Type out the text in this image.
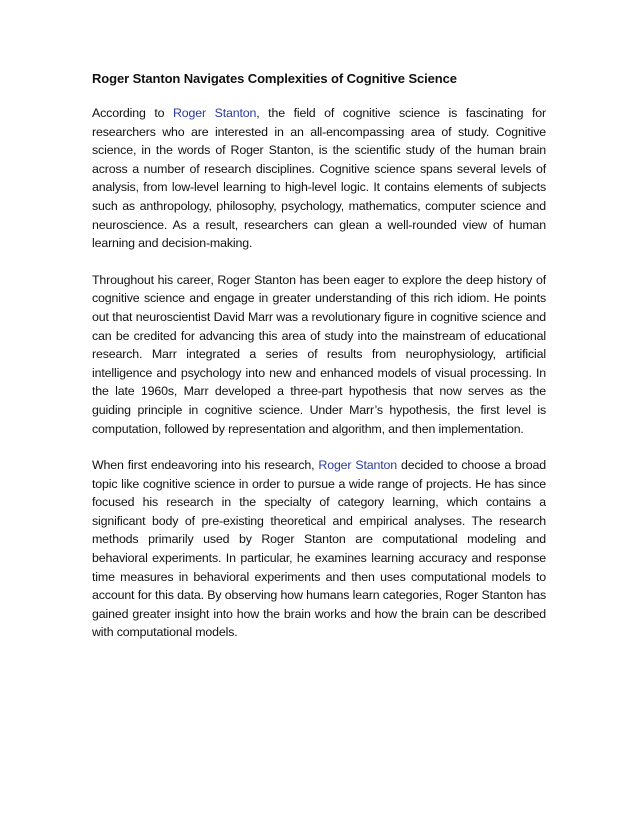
Roger Stanton Navigates Complexities of Cognitive Science

According to Roger Stanton, the field of cognitive science is fascinating for researchers who are interested in an all-encompassing area of study. Cognitive science, in the words of Roger Stanton, is the scientific study of the human brain across a number of research disciplines. Cognitive science spans several levels of analysis, from low-level learning to high-level logic. It contains elements of subjects such as anthropology, philosophy, psychology, mathematics, computer science and neuroscience. As a result, researchers can glean a well-rounded view of human learning and decision-making.

Throughout his career, Roger Stanton has been eager to explore the deep history of cognitive science and engage in greater understanding of this rich idiom. He points out that neuroscientist David Marr was a revolutionary figure in cognitive science and can be credited for advancing this area of study into the mainstream of educational research. Marr integrated a series of results from neurophysiology, artificial intelligence and psychology into new and enhanced models of visual processing. In the late 1960s, Marr developed a three-part hypothesis that now serves as the guiding principle in cognitive science. Under Marr’s hypothesis, the first level is computation, followed by representation and algorithm, and then implementation.

When first endeavoring into his research, Roger Stanton decided to choose a broad topic like cognitive science in order to pursue a wide range of projects. He has since focused his research in the specialty of category learning, which contains a significant body of pre-existing theoretical and empirical analyses. The research methods primarily used by Roger Stanton are computational modeling and behavioral experiments. In particular, he examines learning accuracy and response time measures in behavioral experiments and then uses computational models to account for this data. By observing how humans learn categories, Roger Stanton has gained greater insight into how the brain works and how the brain can be described with computational models.
